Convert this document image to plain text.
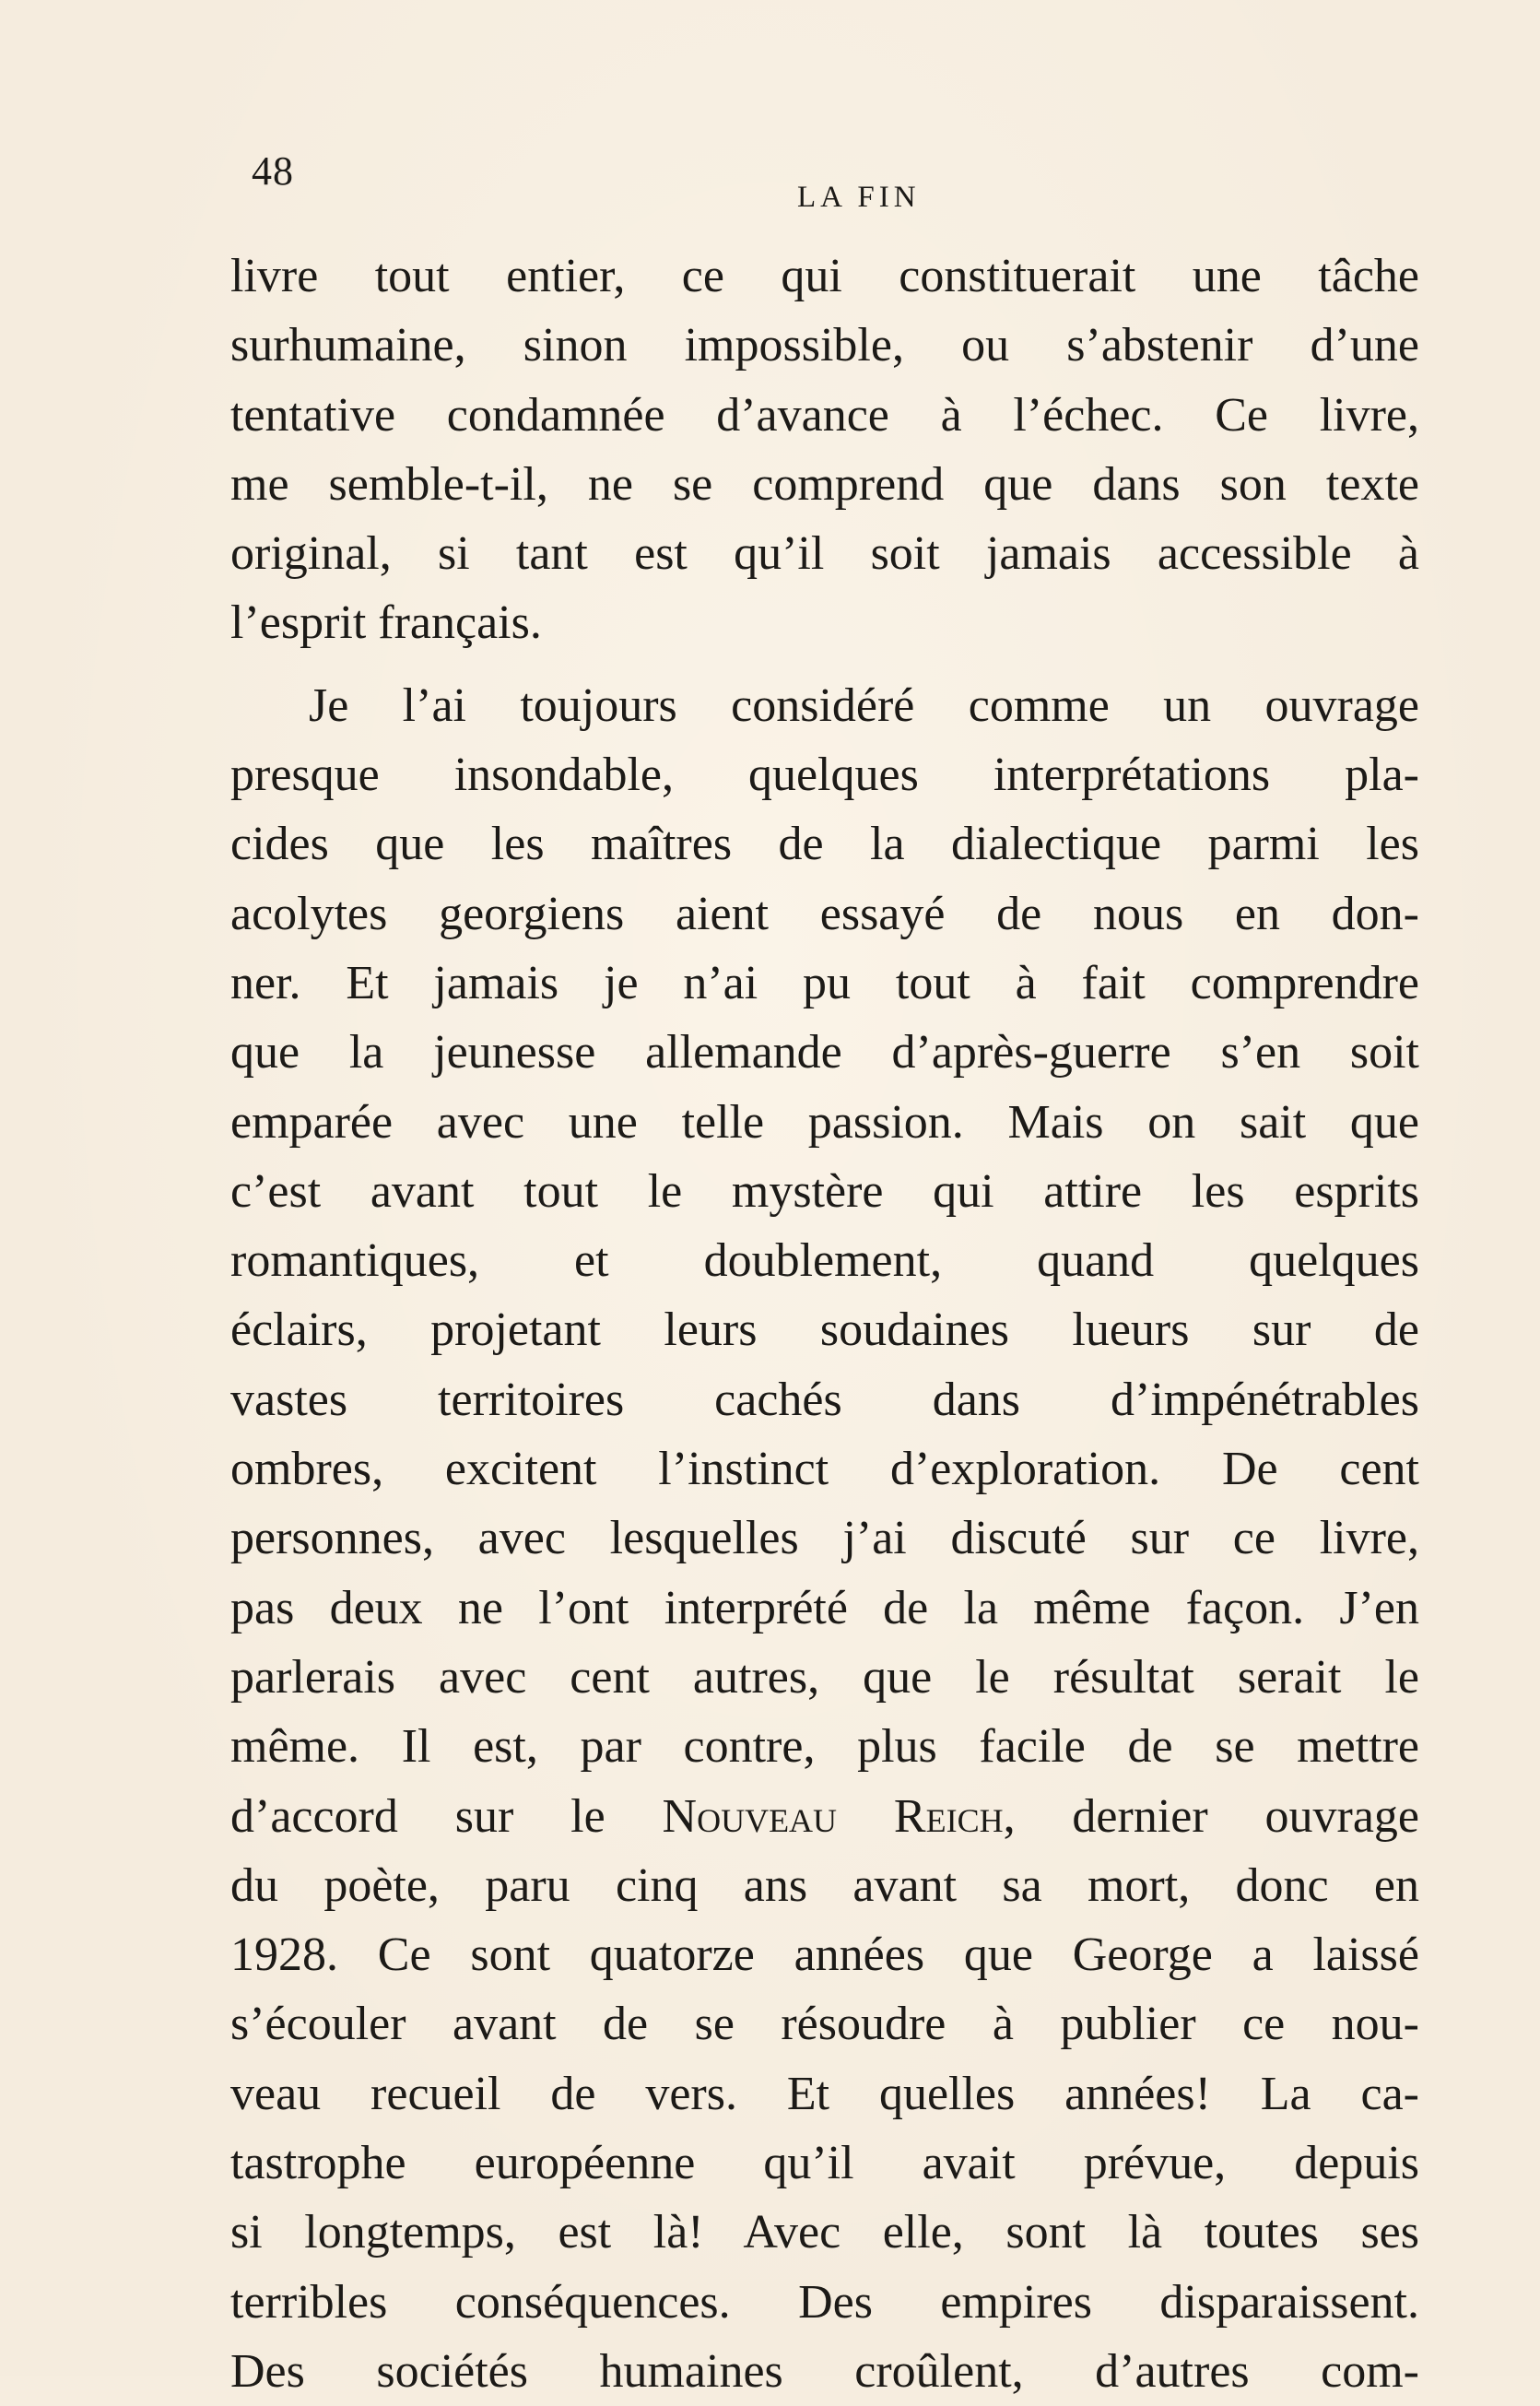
48
LA FIN
livre tout entier, ce qui constituerait une tâche
surhumaine, sinon impossible, ou s’abstenir d’une
tentative condamnée d’avance à l’échec. Ce livre,
me semble-t-il, ne se comprend que dans son texte
original, si tant est qu’il soit jamais accessible à
l’esprit français.
Je l’ai toujours considéré comme un ouvrage
presque insondable, quelques interprétations pla-
cides que les maîtres de la dialectique parmi les
acolytes georgiens aient essayé de nous en don-
ner. Et jamais je n’ai pu tout à fait comprendre
que la jeunesse allemande d’après-guerre s’en soit
emparée avec une telle passion. Mais on sait que
c’est avant tout le mystère qui attire les esprits
romantiques, et doublement, quand quelques
éclairs, projetant leurs soudaines lueurs sur de
vastes territoires cachés dans d’impénétrables
ombres, excitent l’instinct d’exploration. De cent
personnes, avec lesquelles j’ai discuté sur ce livre,
pas deux ne l’ont interprété de la même façon. J’en
parlerais avec cent autres, que le résultat serait le
même. Il est, par contre, plus facile de se mettre
d’accord sur le Nouveau Reich, dernier ouvrage
du poète, paru cinq ans avant sa mort, donc en
1928. Ce sont quatorze années que George a laissé
s’écouler avant de se résoudre à publier ce nou-
veau recueil de vers. Et quelles années! La ca-
tastrophe européenne qu’il avait prévue, depuis
si longtemps, est là! Avec elle, sont là toutes ses
terribles conséquences. Des empires disparaissent.
Des sociétés humaines croûlent, d’autres com-
